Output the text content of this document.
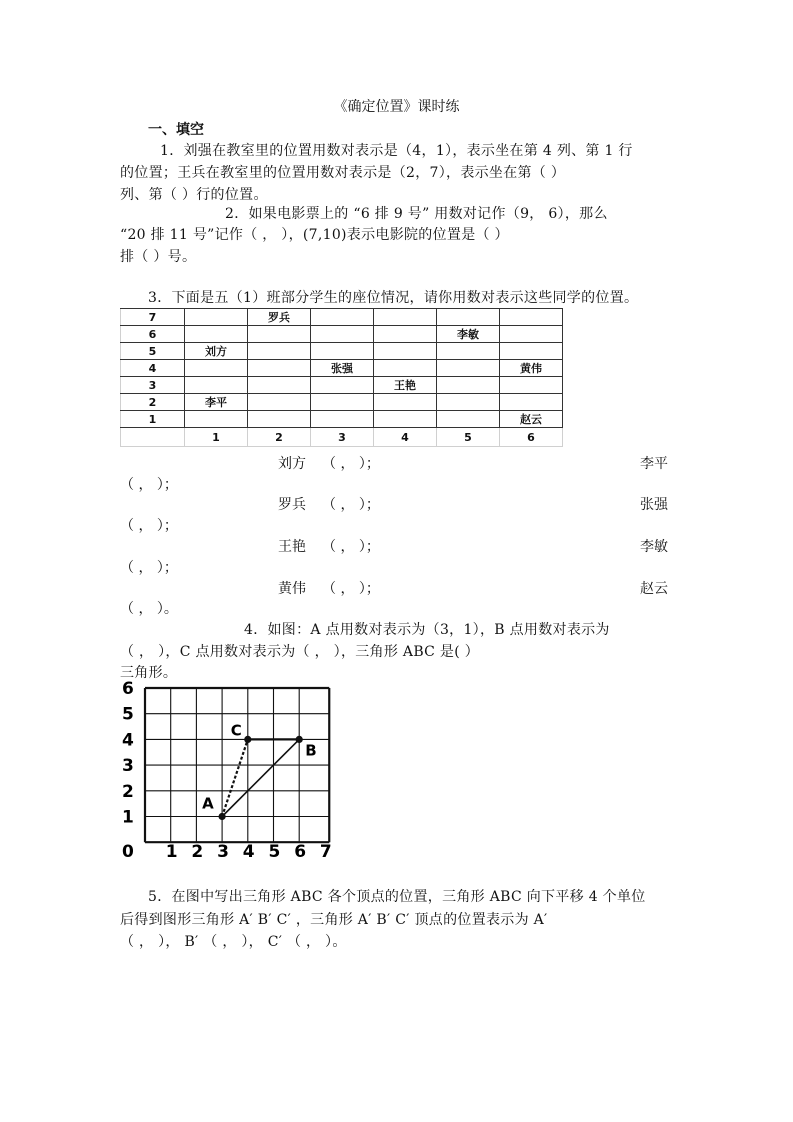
《确定位置》课时练
一、填空
1．刘强在教室里的位置用数对表示是（4，1），表示坐在第 4 列、第 1 行
的位置；王兵在教室里的位置用数对表示是（2，7），表示坐在第（ ）
列、第（ ）行的位置。
2．如果电影票上的 “6 排 9 号” 用数对记作（9， 6），那么
“20 排 11 号”记作（ ， ），(7,10)表示电影院的位置是（ ）
排（ ）号。
3．下面是五（1）班部分学生的座位情况，请你用数对表示这些同学的位置。
7		罗兵				
6					李敏	
5	刘方					
4			张强			黄伟
3				王艳		
2	李平					
1						赵云
	1	2	3	4	5	6
刘方 （ ， ）；	李平
（ ， ）；
罗兵 （ ， ）；	张强
（ ， ）；
王艳 （ ， ）；	李敏
（ ， ）；
黄伟 （ ， ）；	赵云
（ ， ）。
4．如图：A 点用数对表示为（3，1），B 点用数对表示为
（ ， ），C 点用数对表示为（ ， ），三角形 ABC 是( ）
三角形。
6
5
4
3
2
1
0 1 2 3 4 5 6 7
A
B
C
5．在图中写出三角形 ABC 各个顶点的位置，三角形 ABC 向下平移 4 个单位
后得到图形三角形 A′ B′ C′ ，三角形 A′ B′ C′ 顶点的位置表示为 A′
（ ， ）， B′ （ ， ）， C′ （ ， ）。
